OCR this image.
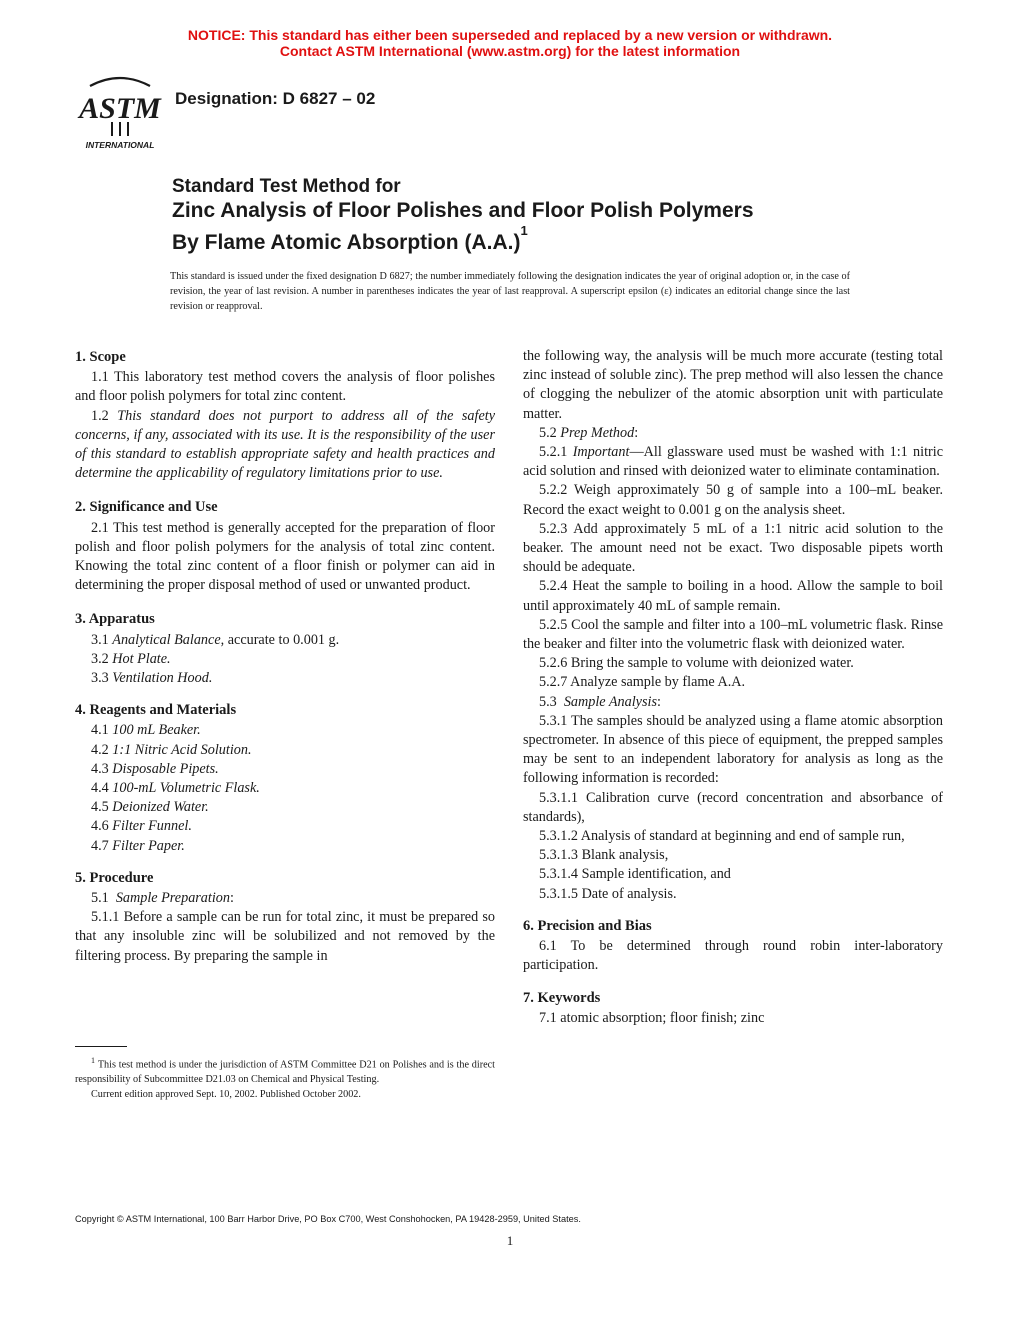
NOTICE: This standard has either been superseded and replaced by a new version or withdrawn.
Contact ASTM International (www.astm.org) for the latest information
ASTM
INTERNATIONAL
Designation: D 6827 – 02
Standard Test Method for
Zinc Analysis of Floor Polishes and Floor Polish Polymers
By Flame Atomic Absorption $(A.A.)^1$
This standard is issued under the fixed designation D 6827; the number immediately following the designation indicates the year of original adoption or, in the case of revision, the year of last revision. A number in parentheses indicates the year of last reapproval. A superscript epsilon (ε) indicates an editorial change since the last revision or reapproval.
1. Scope

1.1 This laboratory test method covers the analysis of floor polishes and floor polish polymers for total zinc content.

1.2 This standard does not purport to address all of the safety concerns, if any, associated with its use. It is the responsibility of the user of this standard to establish appropriate safety and health practices and determine the applicability of regulatory limitations prior to use.

2. Significance and Use

2.1 This test method is generally accepted for the preparation of floor polish and floor polish polymers for the analysis of total zinc content. Knowing the total zinc content of a floor finish or polymer can aid in determining the proper disposal method of used or unwanted product.

3. Apparatus

3.1 Analytical Balance, accurate to 0.001 g.

3.2 Hot Plate.

3.3 Ventilation Hood.

4. Reagents and Materials

4.1 100 mL Beaker.

4.2 1:1 Nitric Acid Solution.

4.3 Disposable Pipets.

4.4 100-mL Volumetric Flask.

4.5 Deionized Water.

4.6 Filter Funnel.

4.7 Filter Paper.

5. Procedure

5.1 Sample Preparation:

5.1.1 Before a sample can be run for total zinc, it must be prepared so that any insoluble zinc will be solubilized and not removed by the filtering process. By preparing the sample in

the following way, the analysis will be much more accurate (testing total zinc instead of soluble zinc). The prep method will also lessen the chance of clogging the nebulizer of the atomic absorption unit with particulate matter.

5.2 Prep Method:

5.2.1 Important—All glassware used must be washed with 1:1 nitric acid solution and rinsed with deionized water to eliminate contamination.

5.2.2 Weigh approximately 50 g of sample into a 100–mL beaker. Record the exact weight to 0.001 g on the analysis sheet.

5.2.3 Add approximately 5 mL of a 1:1 nitric acid solution to the beaker. The amount need not be exact. Two disposable pipets worth should be adequate.

5.2.4 Heat the sample to boiling in a hood. Allow the sample to boil until approximately 40 mL of sample remain.

5.2.5 Cool the sample and filter into a 100–mL volumetric flask. Rinse the beaker and filter into the volumetric flask with deionized water.

5.2.6 Bring the sample to volume with deionized water.

5.2.7 Analyze sample by flame A.A.

5.3 Sample Analysis:

5.3.1 The samples should be analyzed using a flame atomic absorption spectrometer. In absence of this piece of equipment, the prepped samples may be sent to an independent laboratory for analysis as long as the following information is recorded:

5.3.1.1 Calibration curve (record concentration and absorbance of standards),

5.3.1.2 Analysis of standard at beginning and end of sample run,

5.3.1.3 Blank analysis,

5.3.1.4 Sample identification, and

5.3.1.5 Date of analysis.

6. Precision and Bias

6.1 To be determined through round robin inter-laboratory participation.

7. Keywords

7.1 atomic absorption; floor finish; zinc

$^1$ This test method is under the jurisdiction of ASTM Committee D21 on Polishes and is the direct responsibility of Subcommittee D21.03 on Chemical and Physical Testing.

Current edition approved Sept. 10, 2002. Published October 2002.

Copyright © ASTM International, 100 Barr Harbor Drive, PO Box C700, West Conshohocken, PA 19428-2959, United States.
1
